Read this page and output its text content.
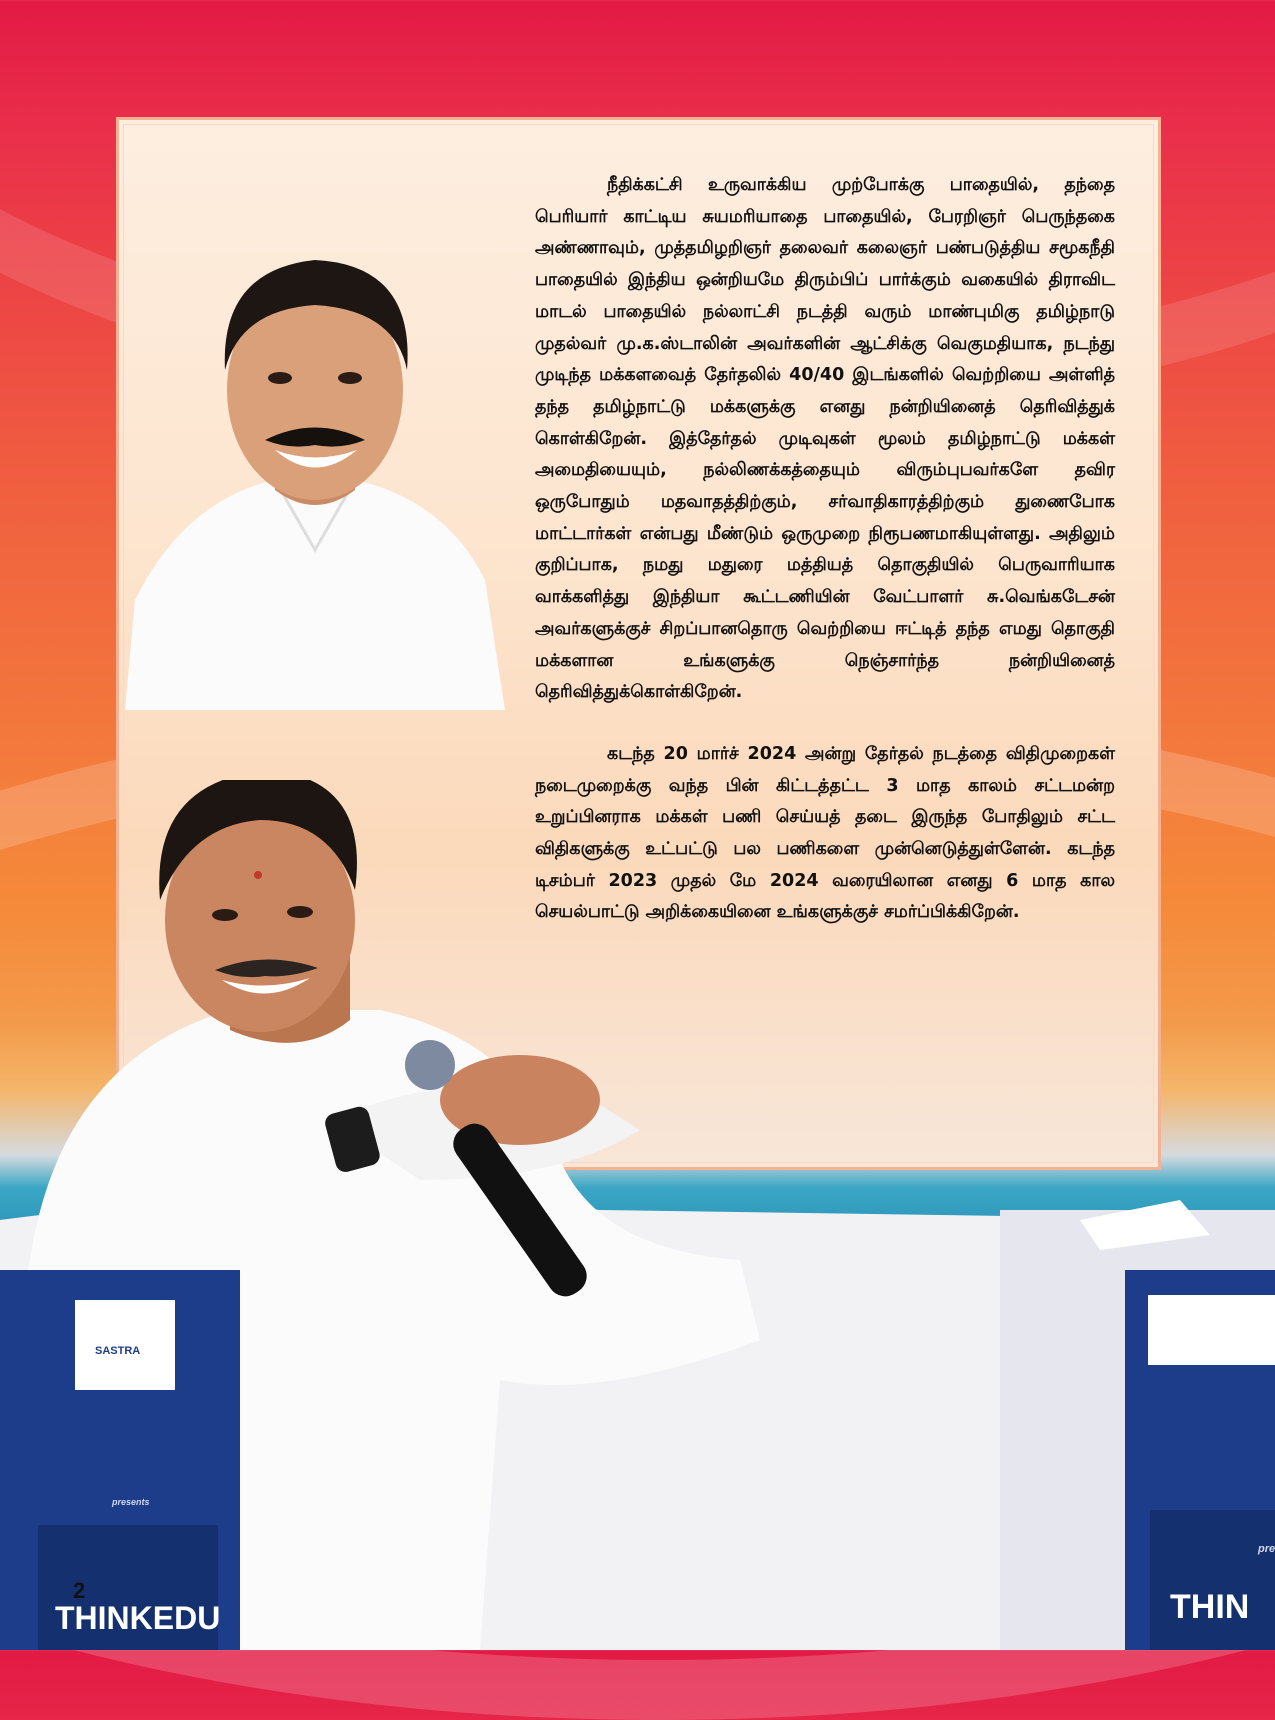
SASTRA
presents
THINKEDU
SA
pre
THIN

நீதிக்கட்சி உருவாக்கிய முற்போக்கு பாதையில், தந்தை பெரியார் காட்டிய சுயமரியாதை பாதையில், பேரறிஞர் பெருந்தகை அண்ணாவும், முத்தமிழறிஞர் தலைவர் கலைஞர் பண்படுத்திய சமூகநீதி பாதையில் இந்திய ஒன்றியமே திரும்பிப் பார்க்கும் வகையில் திராவிட மாடல் பாதையில் நல்லாட்சி நடத்தி வரும் மாண்புமிகு தமிழ்நாடு முதல்வர் மு.க.ஸ்டாலின் அவர்களின் ஆட்சிக்கு வெகுமதியாக, நடந்து முடிந்த மக்களவைத் தேர்தலில் 40/40 இடங்களில் வெற்றியை அள்ளித் தந்த தமிழ்நாட்டு மக்களுக்கு எனது நன்றியினைத் தெரிவித்துக் கொள்கிறேன். இத்தேர்தல் முடிவுகள் மூலம் தமிழ்நாட்டு மக்கள் அமைதியையும், நல்லிணக்கத்தையும் விரும்புபவர்களே தவிர ஒருபோதும் மதவாதத்திற்கும், சர்வாதிகாரத்திற்கும் துணைபோக மாட்டார்கள் என்பது மீண்டும் ஒருமுறை நிரூபணமாகியுள்ளது. அதிலும் குறிப்பாக, நமது மதுரை மத்தியத் தொகுதியில் பெருவாரியாக வாக்களித்து இந்தியா கூட்டணியின் வேட்பாளர் சு.வெங்கடேசன் அவர்களுக்குச் சிறப்பானதொரு வெற்றியை ஈட்டித் தந்த எமது தொகுதி மக்களான உங்களுக்கு நெஞ்சார்ந்த நன்றியினைத் தெரிவித்துக்கொள்கிறேன்.

கடந்த 20 மார்ச் 2024 அன்று தேர்தல் நடத்தை விதிமுறைகள் நடைமுறைக்கு வந்த பின் கிட்டத்தட்ட 3 மாத காலம் சட்டமன்ற உறுப்பினராக மக்கள் பணி செய்யத் தடை இருந்த போதிலும் சட்ட விதிகளுக்கு உட்பட்டு பல பணிகளை முன்னெடுத்துள்ளேன். கடந்த டிசம்பர் 2023 முதல் மே 2024 வரையிலான எனது 6 மாத கால செயல்பாட்டு அறிக்கையினை உங்களுக்குச் சமர்ப்பிக்கிறேன்.

2
